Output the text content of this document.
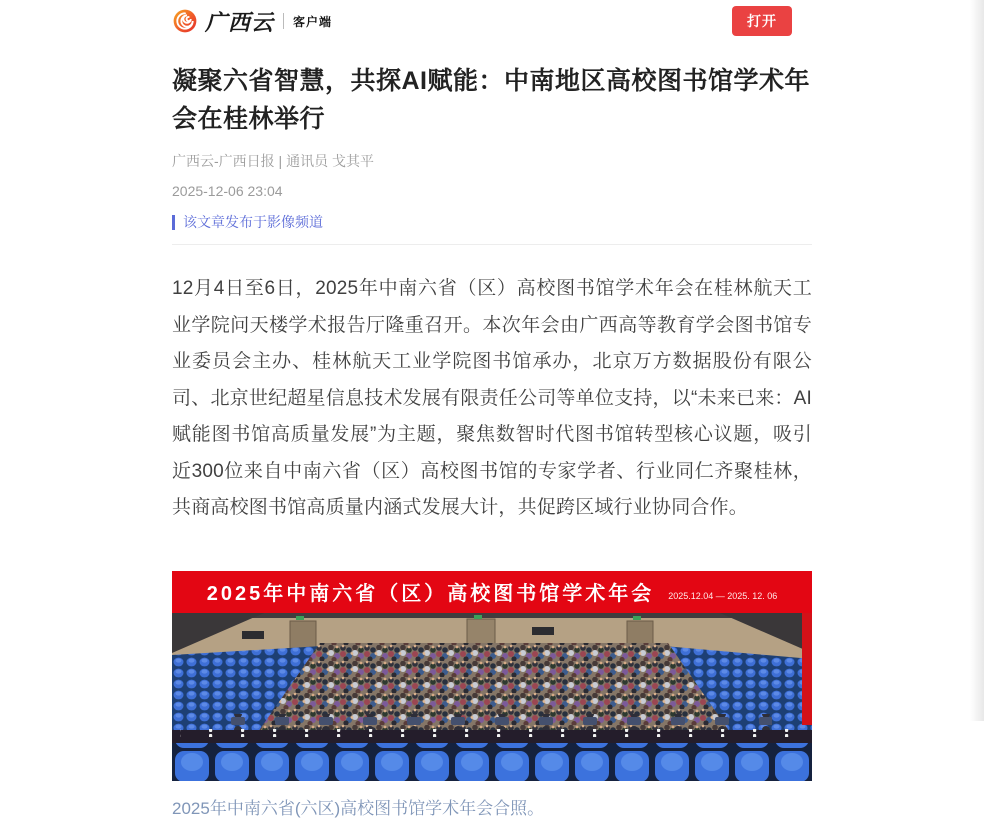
广西云 客户端	打开
凝聚六省智慧，共探AI赋能：中南地区高校图书馆学术年会在桂林举行
广西云-广西日报 | 通讯员 戈其平
2025-12-06 23:04
该文章发布于影像频道

12月4日至6日，2025年中南六省（区）高校图书馆学术年会在桂林航天工业学院问天楼学术报告厅隆重召开。本次年会由广西高等教育学会图书馆专业委员会主办、桂林航天工业学院图书馆承办，北京万方数据股份有限公司、北京世纪超星信息技术发展有限责任公司等单位支持，以“未来已来：AI赋能图书馆高质量发展”为主题，聚焦数智时代图书馆转型核心议题，吸引近300位来自中南六省（区）高校图书馆的专家学者、行业同仁齐聚桂林，共商高校图书馆高质量内涵式发展大计，共促跨区域行业协同合作。

2025年中南六省（区）高校图书馆学术年会 2025.12.04 — 2025. 12. 06
2025年中南六省(六区)高校图书馆学术年会合照。
